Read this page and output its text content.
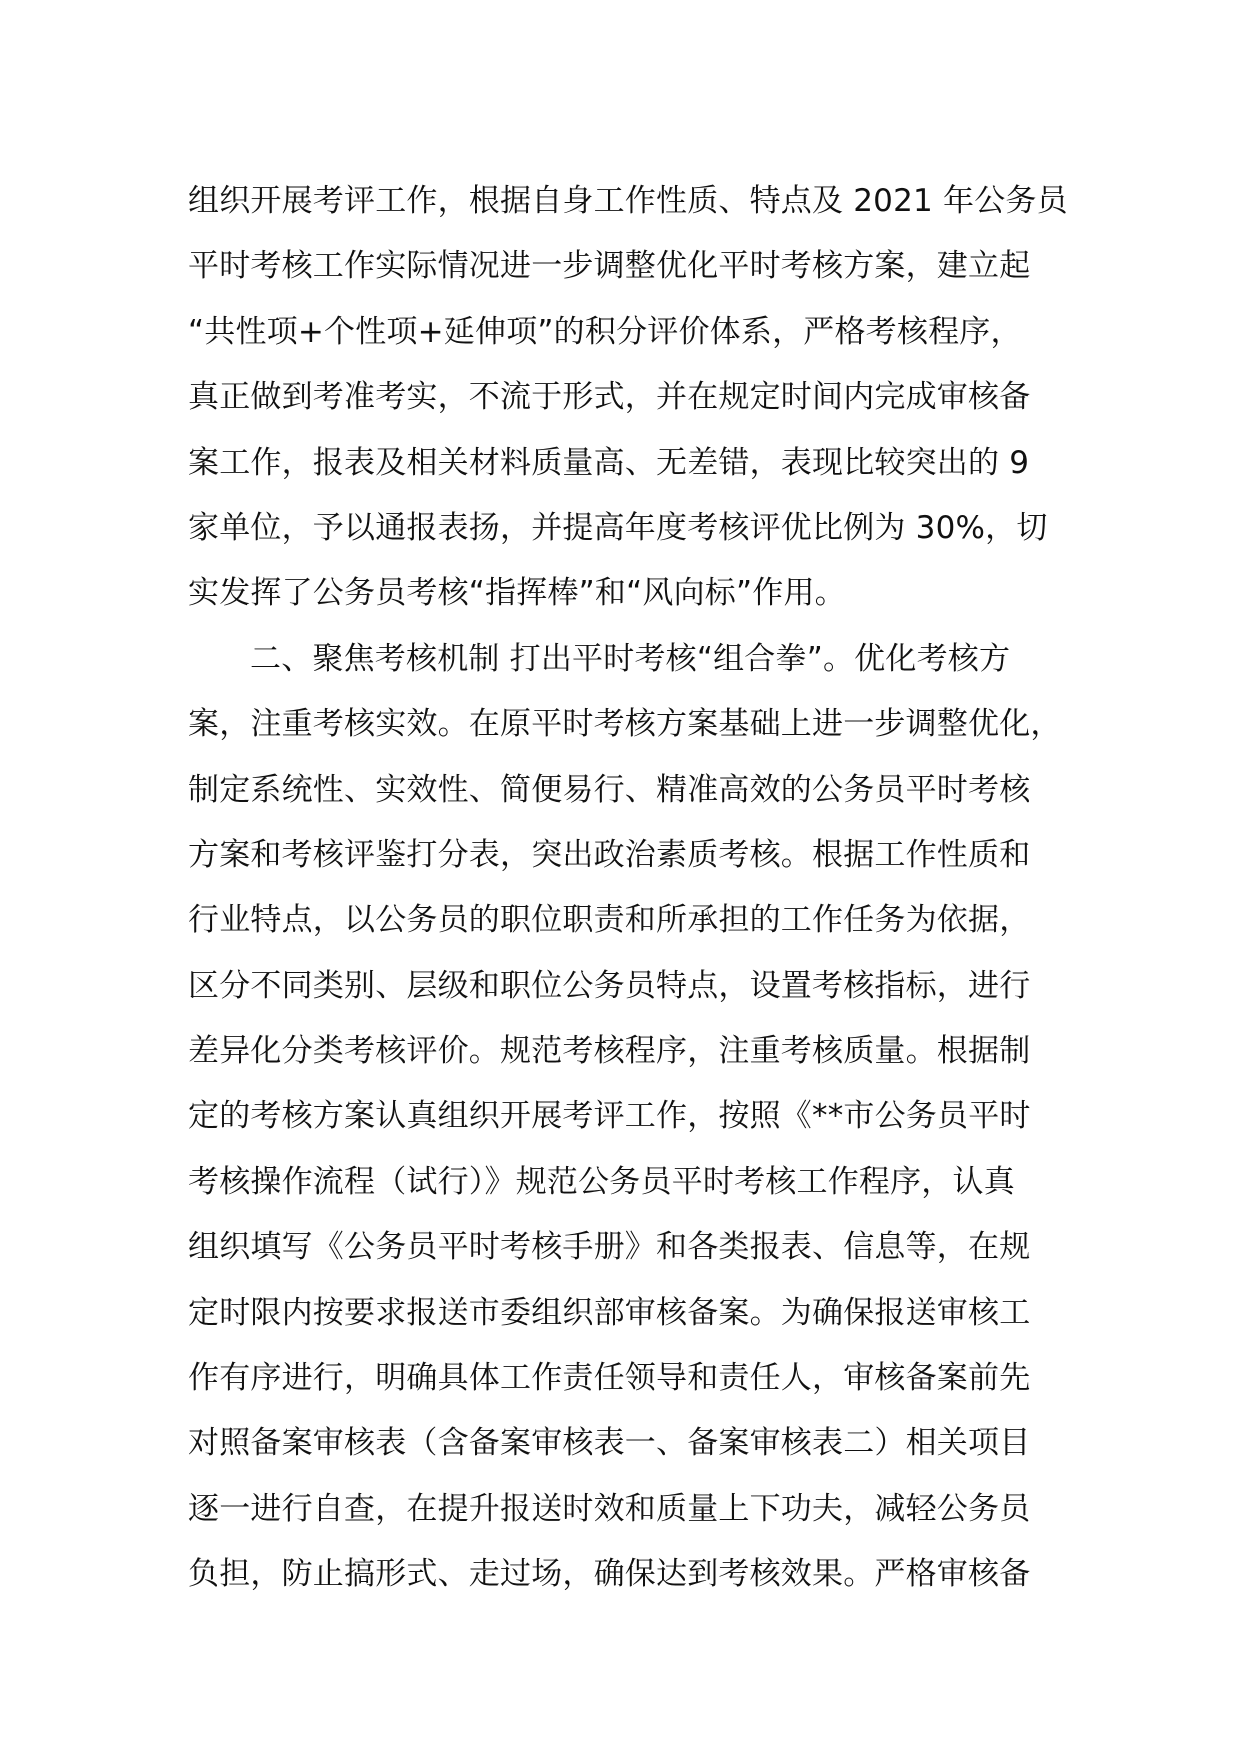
组织开展考评工作，根据自身工作性质、特点及 2021 年公务员
平时考核工作实际情况进一步调整优化平时考核方案，建立起
“共性项+个性项+延伸项”的积分评价体系，严格考核程序，
真正做到考准考实，不流于形式，并在规定时间内完成审核备
案工作，报表及相关材料质量高、无差错，表现比较突出的 9
家单位，予以通报表扬，并提高年度考核评优比例为 30%，切
实发挥了公务员考核“指挥棒”和“风向标”作用。
二、聚焦考核机制 打出平时考核“组合拳”。优化考核方
案，注重考核实效。在原平时考核方案基础上进一步调整优化，
制定系统性、实效性、简便易行、精准高效的公务员平时考核
方案和考核评鉴打分表，突出政治素质考核。根据工作性质和
行业特点，以公务员的职位职责和所承担的工作任务为依据，
区分不同类别、层级和职位公务员特点，设置考核指标，进行
差异化分类考核评价。规范考核程序，注重考核质量。根据制
定的考核方案认真组织开展考评工作，按照《**市公务员平时
考核操作流程（试行）》规范公务员平时考核工作程序，认真
组织填写《公务员平时考核手册》和各类报表、信息等，在规
定时限内按要求报送市委组织部审核备案。为确保报送审核工
作有序进行，明确具体工作责任领导和责任人，审核备案前先
对照备案审核表（含备案审核表一、备案审核表二）相关项目
逐一进行自查，在提升报送时效和质量上下功夫，减轻公务员
负担，防止搞形式、走过场，确保达到考核效果。严格审核备
